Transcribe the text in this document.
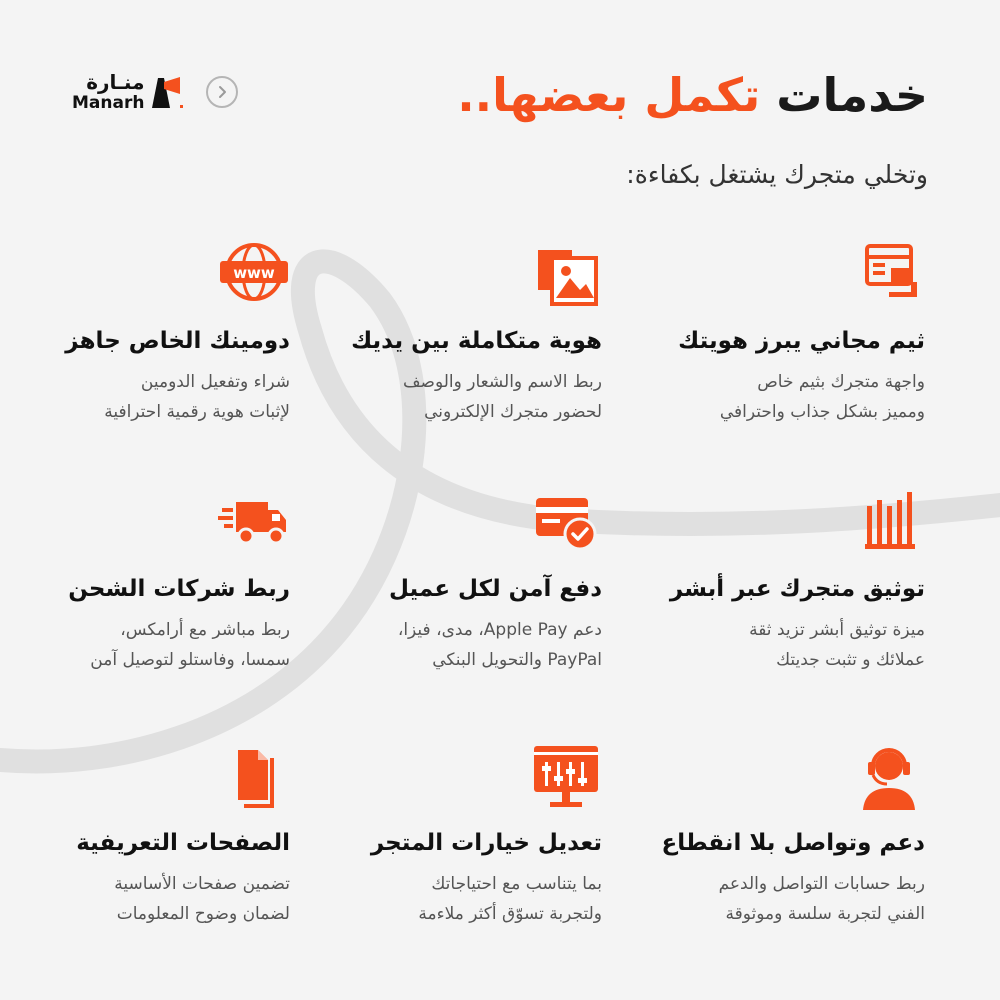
منـارة
Manarh	خدمات تكمل بعضها..

وتخلي متجرك يشتغل بكفاءة:

ثيم مجاني يبرز هويتك
واجهة متجرك بثيم خاص
ومميز بشكل جذاب واحترافي
هوية متكاملة بين يديك
ربط الاسم والشعار والوصف
لحضور متجرك الإلكتروني
www
دومينك الخاص جاهز
شراء وتفعيل الدومين
لإثبات هوية رقمية احترافية
توثيق متجرك عبر أبشر
ميزة توثيق أبشر تزيد ثقة
عملائك و تثبت جديتك
دفع آمن لكل عميل
دعم Apple Pay، مدى، فيزا،
PayPal والتحويل البنكي
ربط شركات الشحن
ربط مباشر مع أرامكس،
سمسا، وفاستلو لتوصيل آمن
دعم وتواصل بلا انقطاع
ربط حسابات التواصل والدعم
الفني لتجربة سلسة وموثوقة
تعديل خيارات المتجر
بما يتناسب مع احتياجاتك
ولتجربة تسوّق أكثر ملاءمة
الصفحات التعريفية
تضمين صفحات الأساسية
لضمان وضوح المعلومات
